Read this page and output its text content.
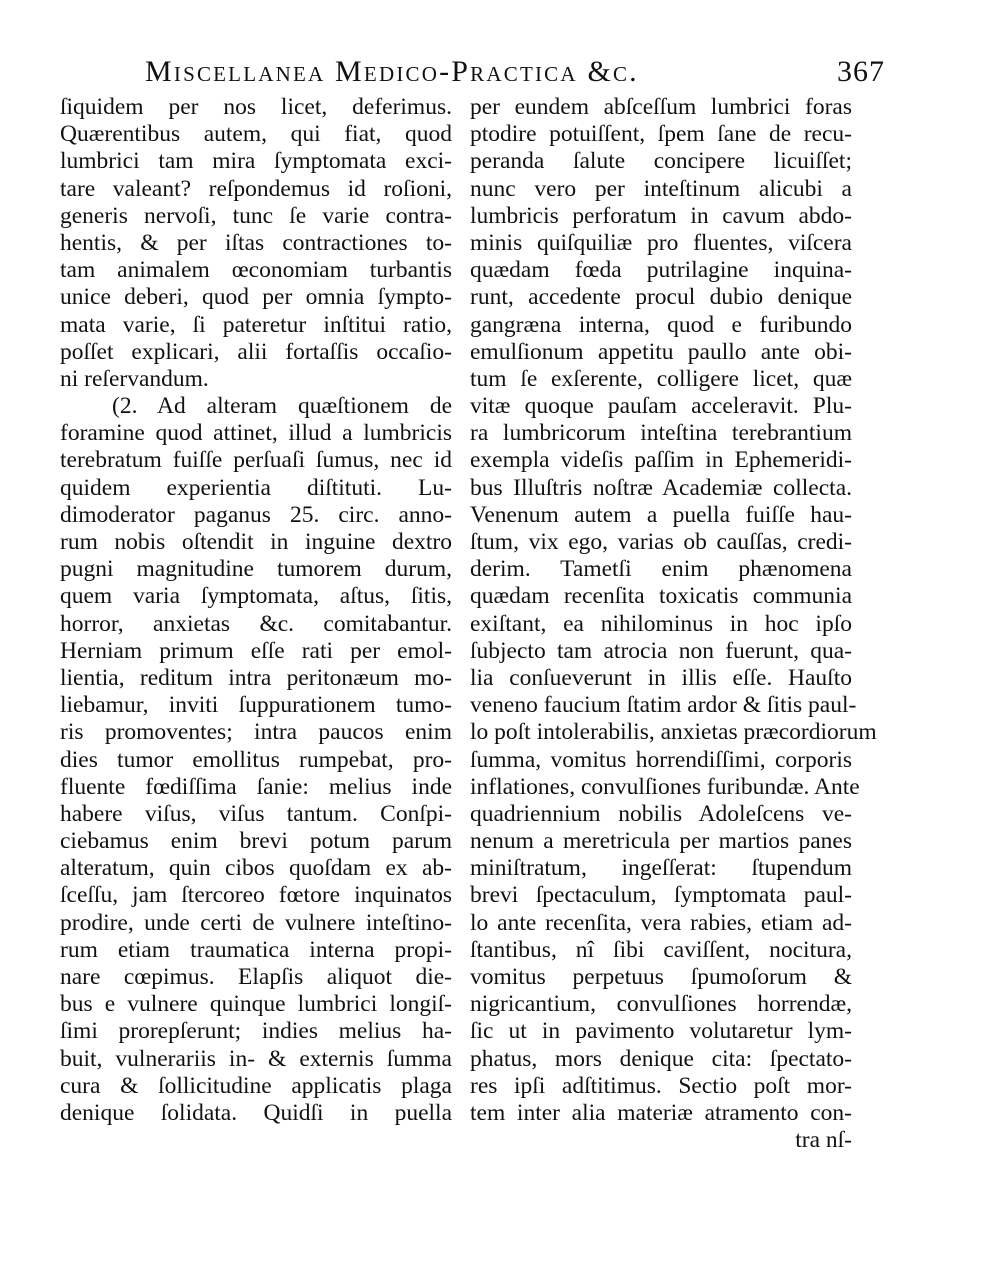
Miscellanea Medico-Practica &c.	367
ſiquidem per nos licet, deferimus.
Quærentibus autem, qui fiat, quod
lumbrici tam mira ſymptomata exci-
tare valeant? reſpondemus id roſioni,
generis nervoſi, tunc ſe varie contra-
hentis, & per iſtas contractiones to-
tam animalem œconomiam turbantis
unice deberi, quod per omnia ſympto-
mata varie, ſi pateretur inſtitui ratio,
poſſet explicari, alii fortaſſis occaſio-
ni reſervandum.
(2. Ad alteram quæſtionem de
foramine quod attinet, illud a lumbricis
terebratum fuiſſe perſuaſi ſumus, nec id
quidem experientia diſtituti. Lu-
dimoderator paganus 25. circ. anno-
rum nobis oſtendit in inguine dextro
pugni magnitudine tumorem durum,
quem varia ſymptomata, aſtus, ſitis,
horror, anxietas &c. comitabantur.
Herniam primum eſſe rati per emol-
lientia, reditum intra peritonæum mo-
liebamur, inviti ſuppurationem tumo-
ris promoventes; intra paucos enim
dies tumor emollitus rumpebat, pro-
fluente fœdiſſima ſanie: melius inde
habere viſus, viſus tantum. Conſpi-
ciebamus enim brevi potum parum
alteratum, quin cibos quoſdam ex ab-
ſceſſu, jam ſtercoreo fœtore inquinatos
prodire, unde certi de vulnere inteſtino-
rum etiam traumatica interna propi-
nare cœpimus. Elapſis aliquot die-
bus e vulnere quinque lumbrici longiſ-
ſimi prorepſerunt; indies melius ha-
buit, vulnerariis in- & externis ſumma
cura & ſollicitudine applicatis plaga
denique ſolidata. Quidſi in puella
per eundem abſceſſum lumbrici foras
ptodire potuiſſent, ſpem ſane de recu-
peranda ſalute concipere licuiſſet;
nunc vero per inteſtinum alicubi a
lumbricis perforatum in cavum abdo-
minis quiſquiliæ pro fluentes, viſcera
quædam fœda putrilagine inquina-
runt, accedente procul dubio denique
gangræna interna, quod e furibundo
emulſionum appetitu paullo ante obi-
tum ſe exſerente, colligere licet, quæ
vitæ quoque pauſam acceleravit. Plu-
ra lumbricorum inteſtina terebrantium
exempla videſis paſſim in Ephemeridi-
bus Illuſtris noſtræ Academiæ collecta.
Venenum autem a puella fuiſſe hau-
ſtum, vix ego, varias ob cauſſas, credi-
derim. Tametſi enim phænomena
quædam recenſita toxicatis communia
exiſtant, ea nihilominus in hoc ipſo
ſubjecto tam atrocia non fuerunt, qua-
lia conſueverunt in illis eſſe. Hauſto
veneno faucium ſtatim ardor & ſitis paul-
lo poſt intolerabilis, anxietas præcordiorum
ſumma, vomitus horrendiſſimi, corporis
inflationes, convulſiones furibundæ. Ante
quadriennium nobilis Adoleſcens ve-
nenum a meretricula per martios panes
miniſtratum, ingeſſerat: ſtupendum
brevi ſpectaculum, ſymptomata paul-
lo ante recenſita, vera rabies, etiam ad-
ſtantibus, nî ſibi caviſſent, nocitura,
vomitus perpetuus ſpumoſorum &
nigricantium, convulſiones horrendæ,
ſic ut in pavimento volutaretur lym-
phatus, mors denique cita: ſpectato-
res ipſi adſtitimus. Sectio poſt mor-
tem inter alia materiæ atramento con-
tra nſ-
